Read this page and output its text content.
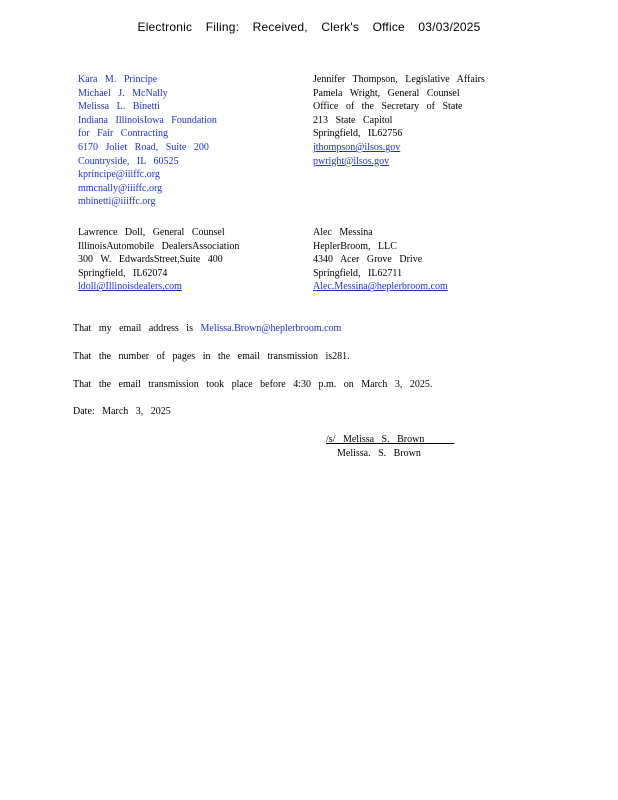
Electronic Filing: Received, Clerk's Office 03/03/2025
Kara M. Principe
Michael J. McNally
Melissa L. Binetti
Indiana IllinoisIowa Foundation
for Fair Contracting
6170 Joliet Road, Suite 200
Countryside, IL 60525
kprincipe@iiiffc.org
mmcnally@iiiffc.org
mbinetti@iiiffc.org
Jennifer Thompson, Legislative Affairs
Pamela Wright, General Counsel
Office of the Secretary of State
213 State Capitol
Springfield, IL62756
jthompson@ilsos.gov
pwright@ilsos.gov
Lawrence Doll, General Counsel
IllinoisAutomobile DealersAssociation
300 W. EdwardsStreet,Suite 400
Springfield, IL62074
ldoll@Illinoisdealers.com
Alec Messina
HeplerBroom, LLC
4340 Acer Grove Drive
Springfield, IL62711
Alec.Messina@heplerbroom.com
That my email address is Melissa.Brown@heplerbroom.com
That the number of pages in the email transmission is281.
That the email transmission took place before 4:30 p.m. on March 3, 2025.
Date: March 3, 2025
/s/ Melissa S. Brown
Melissa. S. Brown
